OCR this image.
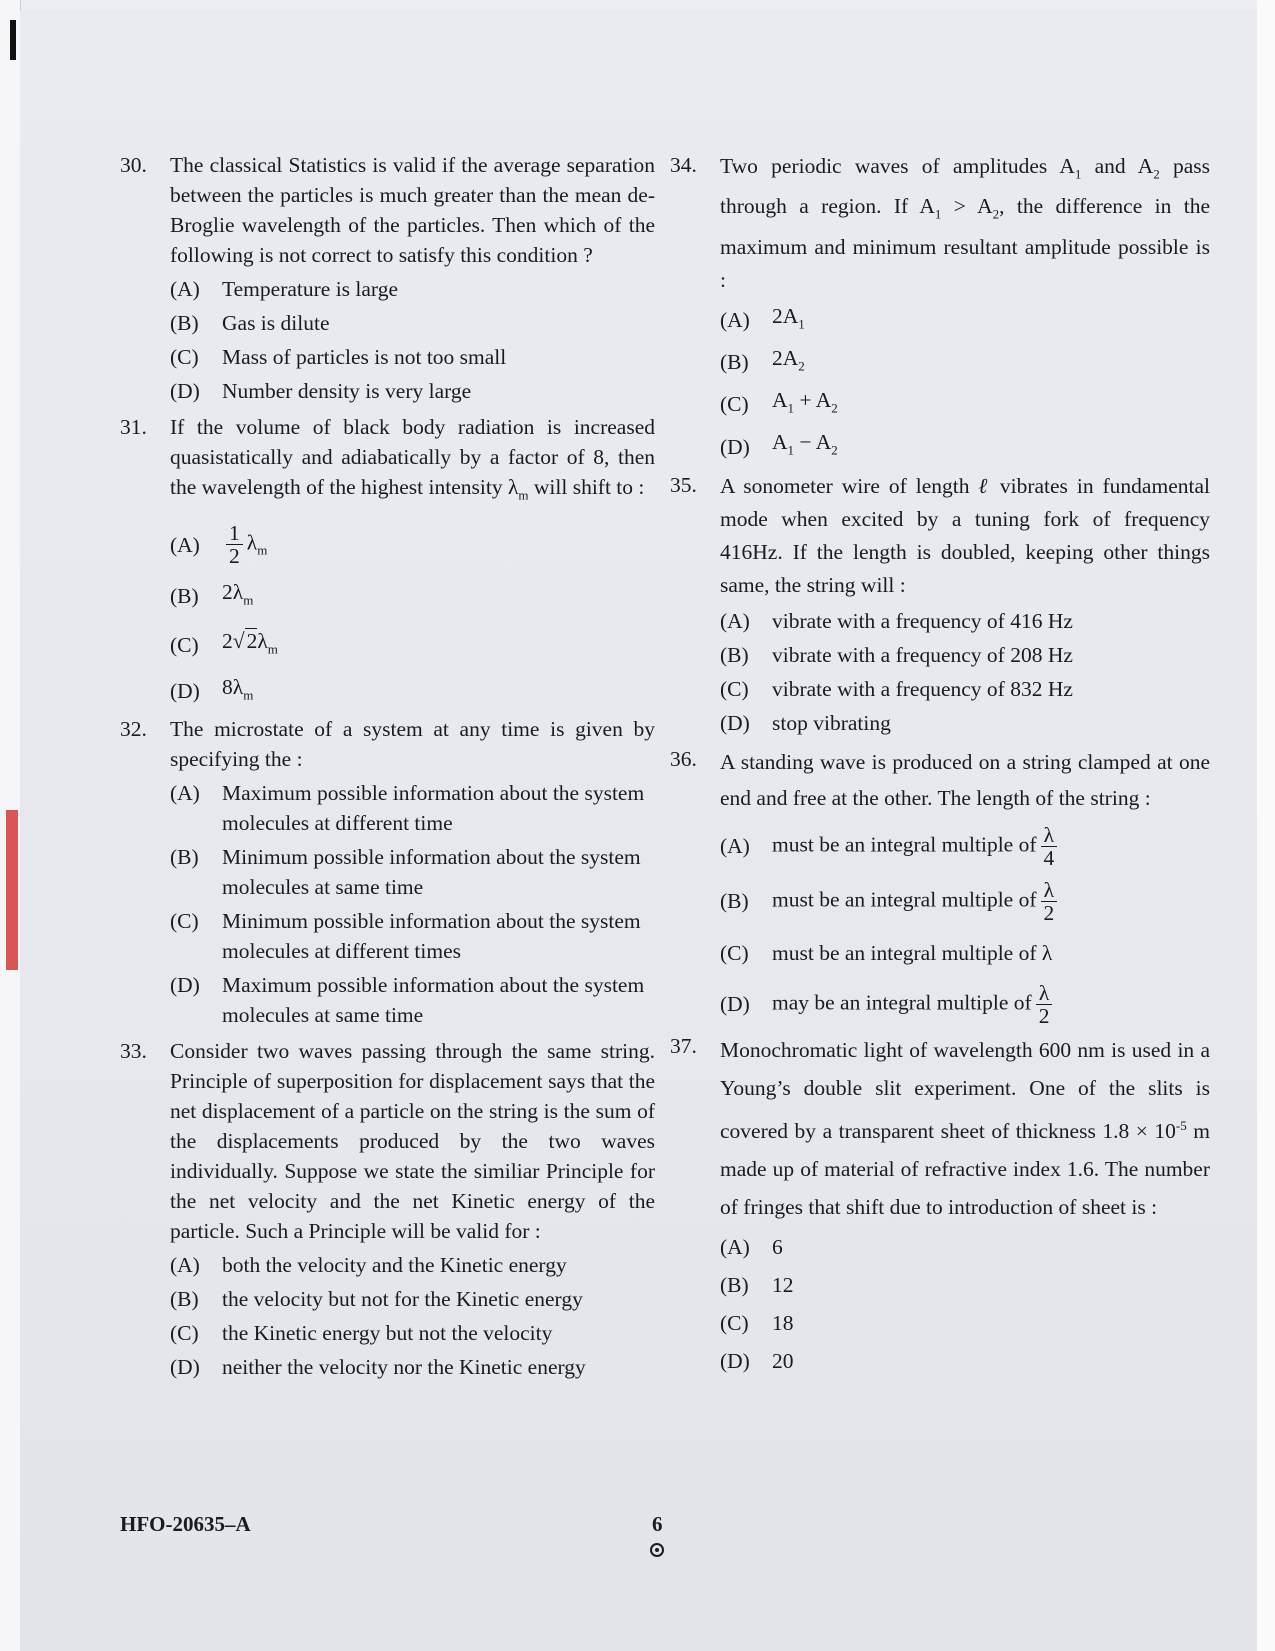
30.	The classical Statistics is valid if the average separation between the particles is much greater than the mean de-Broglie wavelength of the particles. Then which of the following is not correct to satisfy this condition ?
(A)	Temperature is large
(B)	Gas is dilute
(C)	Mass of particles is not too small
(D)	Number density is very large
31.	If the volume of black body radiation is increased quasistatically and adiabatically by a factor of 8, then the wavelength of the highest intensity $\lambda_m$ will shift to :
(A)	$\frac{1}{2} \lambda_m$
(B)	$2\lambda_m$
(C)	$2√2\lambda_m$
(D)	$8\lambda_m$
32.	The microstate of a system at any time is given by specifying the :
(A)	Maximum possible information about the system molecules at different time
(B)	Minimum possible information about the system molecules at same time
(C)	Minimum possible information about the system molecules at different times
(D)	Maximum possible information about the system molecules at same time
33.	Consider two waves passing through the same string. Principle of superposition for displacement says that the net displacement of a particle on the string is the sum of the displacements produced by the two waves individually. Suppose we state the similiar Principle for the net velocity and the net Kinetic energy of the particle. Such a Principle will be valid for :
(A)	both the velocity and the Kinetic energy
(B)	the velocity but not for the Kinetic energy
(C)	the Kinetic energy but not the velocity
(D)	neither the velocity nor the Kinetic energy
34.	Two periodic waves of amplitudes $A_1$ and $A_2$ pass through a region. If $A_1 > A_2$, the difference in the maximum and minimum resultant amplitude possible is :
(A)	$2A_1$
(B)	$2A_2$
(C)	$A_1 + A_2$
(D)	$A_1 - A_2$
35.	A sonometer wire of length ℓ vibrates in fundamental mode when excited by a tuning fork of frequency 416Hz. If the length is doubled, keeping other things same, the string will :
(A)	vibrate with a frequency of 416 Hz
(B)	vibrate with a frequency of 208 Hz
(C)	vibrate with a frequency of 832 Hz
(D)	stop vibrating
36.	A standing wave is produced on a string clamped at one end and free at the other. The length of the string :
(A)	must be an integral multiple of $\frac{\lambda}{4}$
(B)	must be an integral multiple of $\frac{\lambda}{2}$
(C)	must be an integral multiple of λ
(D)	may be an integral multiple of $\frac{\lambda}{2}$
37.	Monochromatic light of wavelength 600 nm is used in a Young’s double slit experiment. One of the slits is covered by a transparent sheet of thickness $1.8 \times 10^{-5}$ m made up of material of refractive index 1.6. The number of fringes that shift due to introduction of sheet is :
(A)	6
(B)	12
(C)	18
(D)	20
HFO-20635–A	6
